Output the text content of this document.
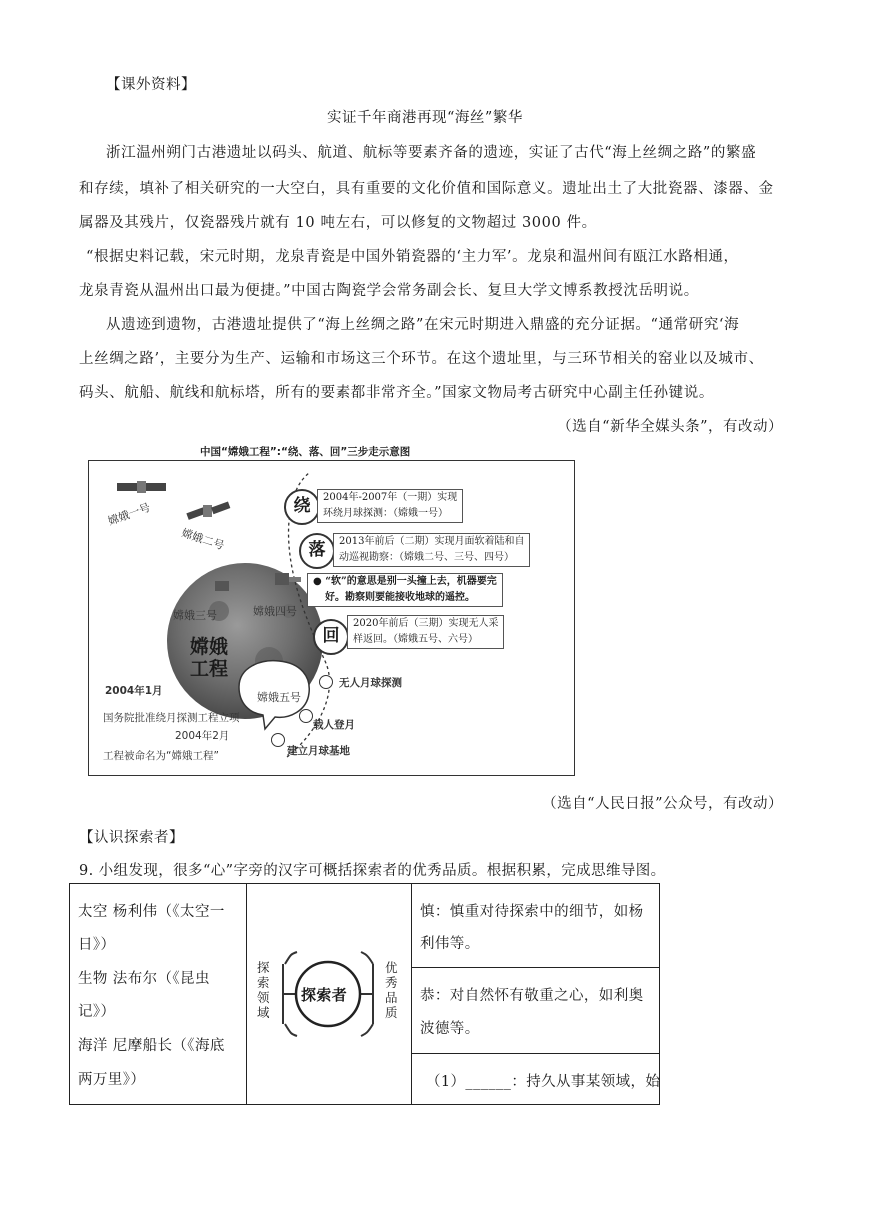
【课外资料】
实证千年商港再现“海丝”繁华
浙江温州朔门古港遗址以码头、航道、航标等要素齐备的遗迹，实证了古代“海上丝绸之路”的繁盛
和存续，填补了相关研究的一大空白，具有重要的文化价值和国际意义。遗址出土了大批瓷器、漆器、金
属器及其残片，仅瓷器残片就有 10 吨左右，可以修复的文物超过 3000 件。
“根据史料记载，宋元时期，龙泉青瓷是中国外销瓷器的‘主力军’。龙泉和温州间有瓯江水路相通，
龙泉青瓷从温州出口最为便捷。”中国古陶瓷学会常务副会长、复旦大学文博系教授沈岳明说。
从遗迹到遗物，古港遗址提供了“海上丝绸之路”在宋元时期进入鼎盛的充分证据。“通常研究‘海
上丝绸之路’，主要分为生产、运输和市场这三个环节。在这个遗址里，与三环节相关的窑业以及城市、
码头、航船、航线和航标塔，所有的要素都非常齐全。”国家文物局考古研究中心副主任孙键说。
（选自“新华全媒头条”，有改动）
中国“嫦娥工程”:“绕、落、回”三步走示意图
嫦娥一号
嫦娥二号
嫦娥三号	嫦娥四号
嫦娥五号
嫦娥
工程
绕	2004年-2007年（一期）实现
环绕月球探测：（嫦娥一号）
落	2013年前后（二期）实现月面软着陆和自
动巡视勘察：（嫦娥二号、三号、四号）
● “软”的意思是别一头撞上去，机器要完
好。勘察则要能接收地球的遥控。
回
2020年前后（三期）实现无人采
样返回。（嫦娥五号、六号）
无人月球探测
载人登月
建立月球基地
2004年1月
国务院批准绕月探测工程立项
2004年2月
工程被命名为“嫦娥工程”
（选自“人民日报”公众号，有改动）
【认识探索者】
9. 小组发现，很多“心”字旁的汉字可概括探索者的优秀品质。根据积累，完成思维导图。
太空 杨利伟（《太空一
日》）
生物 法布尔（《昆虫
记》）
海洋 尼摩船长（《海底
两万里》）

探索者
探
索
领
域
优
秀
品
质

慎：慎重对待探索中的细节，如杨
利伟等。

恭：对自然怀有敬重之心，如利奥
波德等。

（1）______：持久从事某领域，始
